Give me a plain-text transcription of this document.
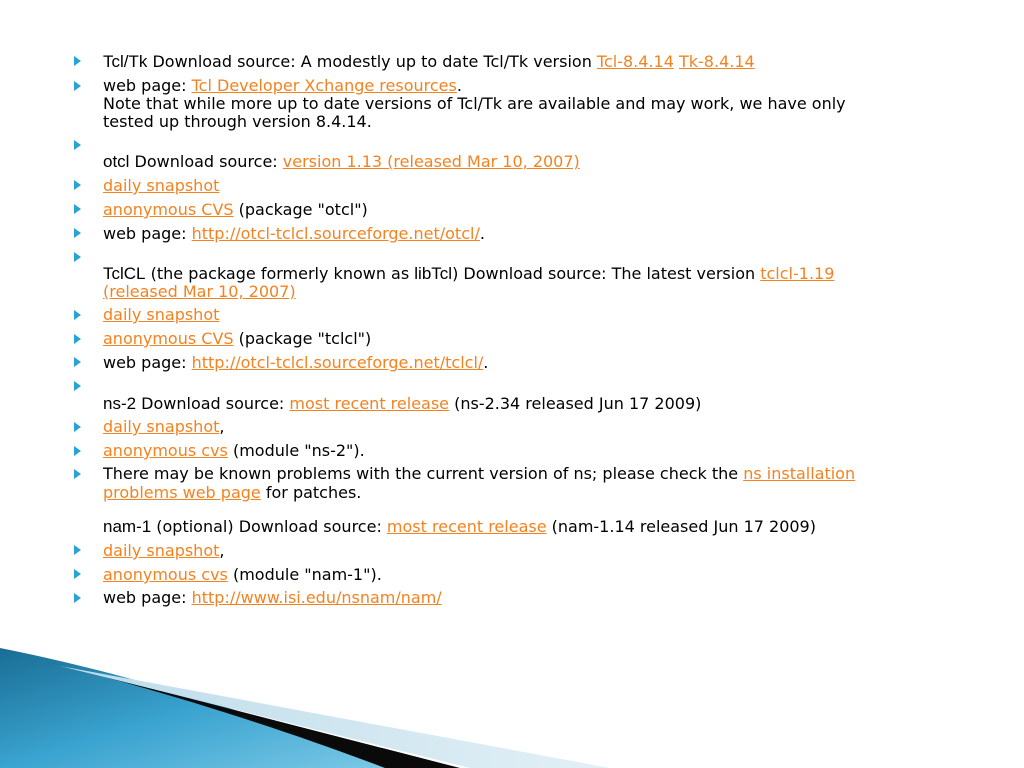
Tcl/Tk Download source: A modestly up to date Tcl/Tk version Tcl-8.4.14 Tk-8.4.14
web page: Tcl Developer Xchange resources.
Note that while more up to date versions of Tcl/Tk are available and may work, we have only
tested up through version 8.4.14.
otcl Download source: version 1.13 (released Mar 10, 2007)
daily snapshot
anonymous CVS (package "otcl")
web page: http://otcl-tclcl.sourceforge.net/otcl/.
TclCL (the package formerly known as libTcl) Download source: The latest version tclcl-1.19
(released Mar 10, 2007)
daily snapshot
anonymous CVS (package "tclcl")
web page: http://otcl-tclcl.sourceforge.net/tclcl/.
ns-2 Download source: most recent release (ns-2.34 released Jun 17 2009)
daily snapshot,
anonymous cvs (module "ns-2").
There may be known problems with the current version of ns; please check the ns installation
problems web page for patches.
nam-1 (optional) Download source: most recent release (nam-1.14 released Jun 17 2009)
daily snapshot,
anonymous cvs (module "nam-1").
web page: http://www.isi.edu/nsnam/nam/
